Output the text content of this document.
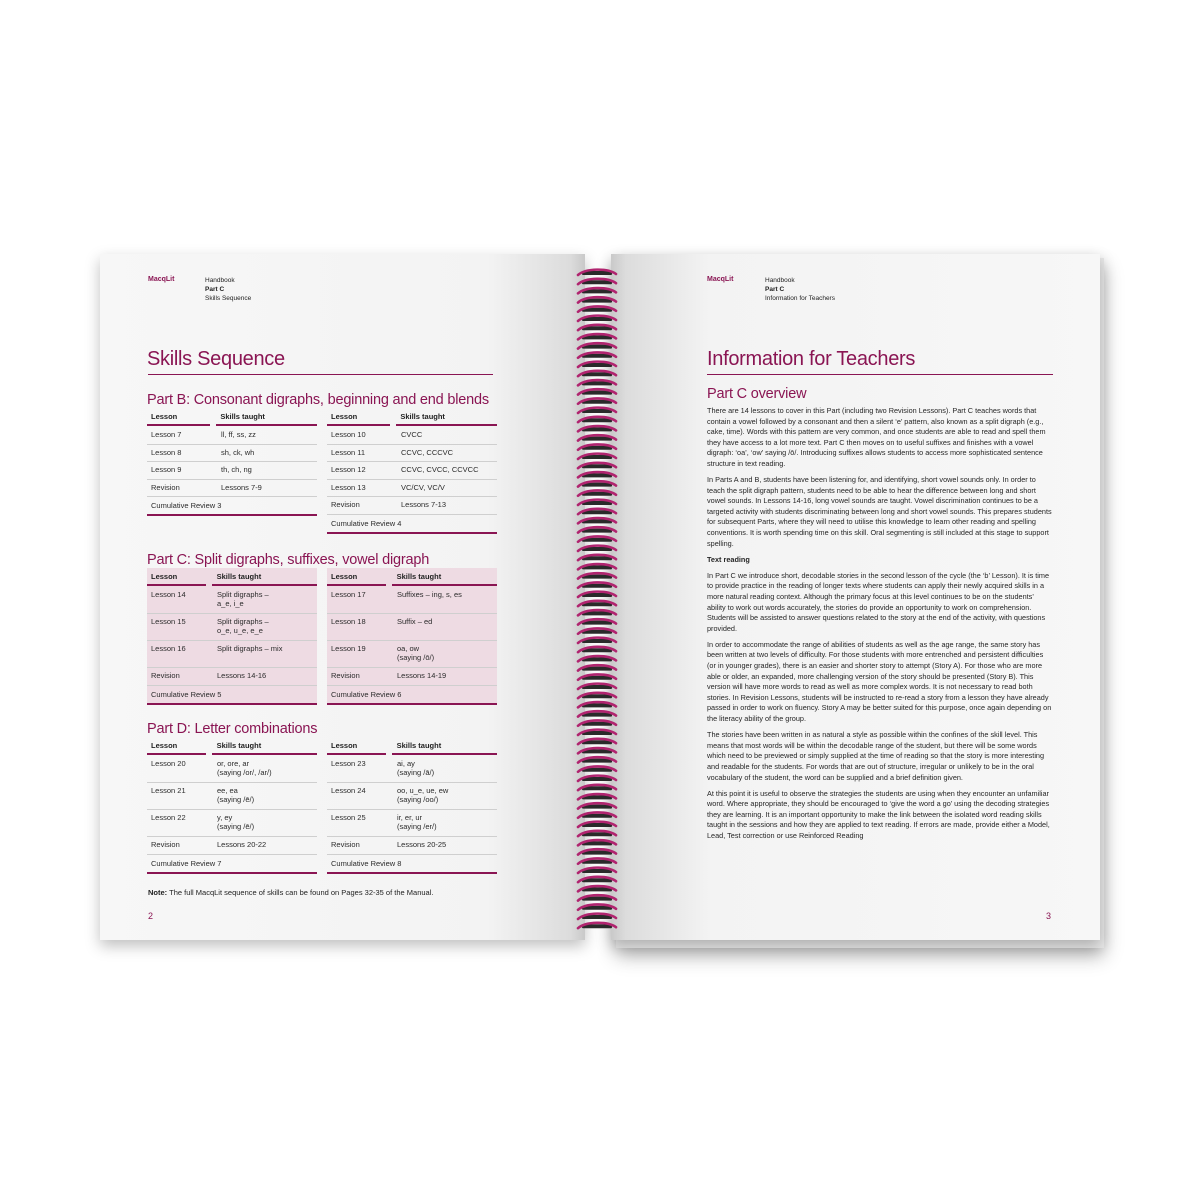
MacqLit	Handbook
Part C
Skills Sequence
Skills Sequence
Part B: Consonant digraphs, beginning and end blends
Lesson	Skills taught
Lesson 7	ll, ff, ss, zz
Lesson 8	sh, ck, wh
Lesson 9	th, ch, ng
Revision	Lessons 7-9
Cumulative Review 3
Lesson	Skills taught
Lesson 10	CVCC
Lesson 11	CCVC, CCCVC
Lesson 12	CCVC, CVCC, CCVCC
Lesson 13	VC/CV, VC/V
Revision	Lessons 7-13
Cumulative Review 4
Part C: Split digraphs, suffixes, vowel digraph
Lesson	Skills taught
Lesson 14	Split digraphs –
a_e, i_e
Lesson 15	Split digraphs –
o_e, u_e, e_e
Lesson 16	Split digraphs – mix
Revision	Lessons 14-16
Cumulative Review 5
Lesson	Skills taught
Lesson 17	Suffixes – ing, s, es
Lesson 18	Suffix – ed
Lesson 19	oa, ow
(saying /ō/)
Revision	Lessons 14-19
Cumulative Review 6
Part D: Letter combinations
Lesson	Skills taught
Lesson 20	or, ore, ar
(saying /or/, /ar/)
Lesson 21	ee, ea
(saying /ē/)
Lesson 22	y, ey
(saying /ē/)
Revision	Lessons 20-22
Cumulative Review 7
Lesson	Skills taught
Lesson 23	ai, ay
(saying /ā/)
Lesson 24	oo, u_e, ue, ew
(saying /oo/)
Lesson 25	ir, er, ur
(saying /er/)
Revision	Lessons 20-25
Cumulative Review 8
Note: The full MacqLit sequence of skills can be found on Pages 32-35 of the Manual.
2
MacqLit	Handbook
Part C
Information for Teachers
Information for Teachers
Part C overview

There are 14 lessons to cover in this Part (including two Revision Lessons). Part C teaches words that contain a vowel followed by a consonant and then a silent ‘e’ pattern, also known as a split digraph (e.g., cake, time). Words with this pattern are very common, and once students are able to read and spell them they have access to a lot more text. Part C then moves on to useful suffixes and finishes with a vowel digraph: ‘oa’, ‘ow’ saying /ō/. Introducing suffixes allows students to access more sophisticated sentence structure in text reading.

In Parts A and B, students have been listening for, and identifying, short vowel sounds only. In order to teach the split digraph pattern, students need to be able to hear the difference between long and short vowel sounds. In Lessons 14-16, long vowel sounds are taught. Vowel discrimination continues to be a targeted activity with students discriminating between long and short vowel sounds. This prepares students for subsequent Parts, where they will need to utilise this knowledge to learn other reading and spelling conventions. It is worth spending time on this skill. Oral segmenting is still included at this stage to support spelling.

Text reading

In Part C we introduce short, decodable stories in the second lesson of the cycle (the ‘b’ Lesson). It is time to provide practice in the reading of longer texts where students can apply their newly acquired skills in a more natural reading context. Although the primary focus at this level continues to be on the students’ ability to work out words accurately, the stories do provide an opportunity to work on comprehension. Students will be assisted to answer questions related to the story at the end of the activity, with questions provided.

In order to accommodate the range of abilities of students as well as the age range, the same story has been written at two levels of difficulty. For those students with more entrenched and persistent difficulties (or in younger grades), there is an easier and shorter story to attempt (Story A). For those who are more able or older, an expanded, more challenging version of the story should be presented (Story B). This version will have more words to read as well as more complex words. It is not necessary to read both stories. In Revision Lessons, students will be instructed to re-read a story from a lesson they have already passed in order to work on fluency. Story A may be better suited for this purpose, once again depending on the literacy ability of the group.

The stories have been written in as natural a style as possible within the confines of the skill level. This means that most words will be within the decodable range of the student, but there will be some words which need to be previewed or simply supplied at the time of reading so that the story is more interesting and readable for the students. For words that are out of structure, irregular or unlikely to be in the oral vocabulary of the student, the word can be supplied and a brief definition given.

At this point it is useful to observe the strategies the students are using when they encounter an unfamiliar word. Where appropriate, they should be encouraged to ‘give the word a go’ using the decoding strategies they are learning. It is an important opportunity to make the link between the isolated word reading skills taught in the sessions and how they are applied to text reading. If errors are made, provide either a Model, Lead, Test correction or use Reinforced Reading

3
